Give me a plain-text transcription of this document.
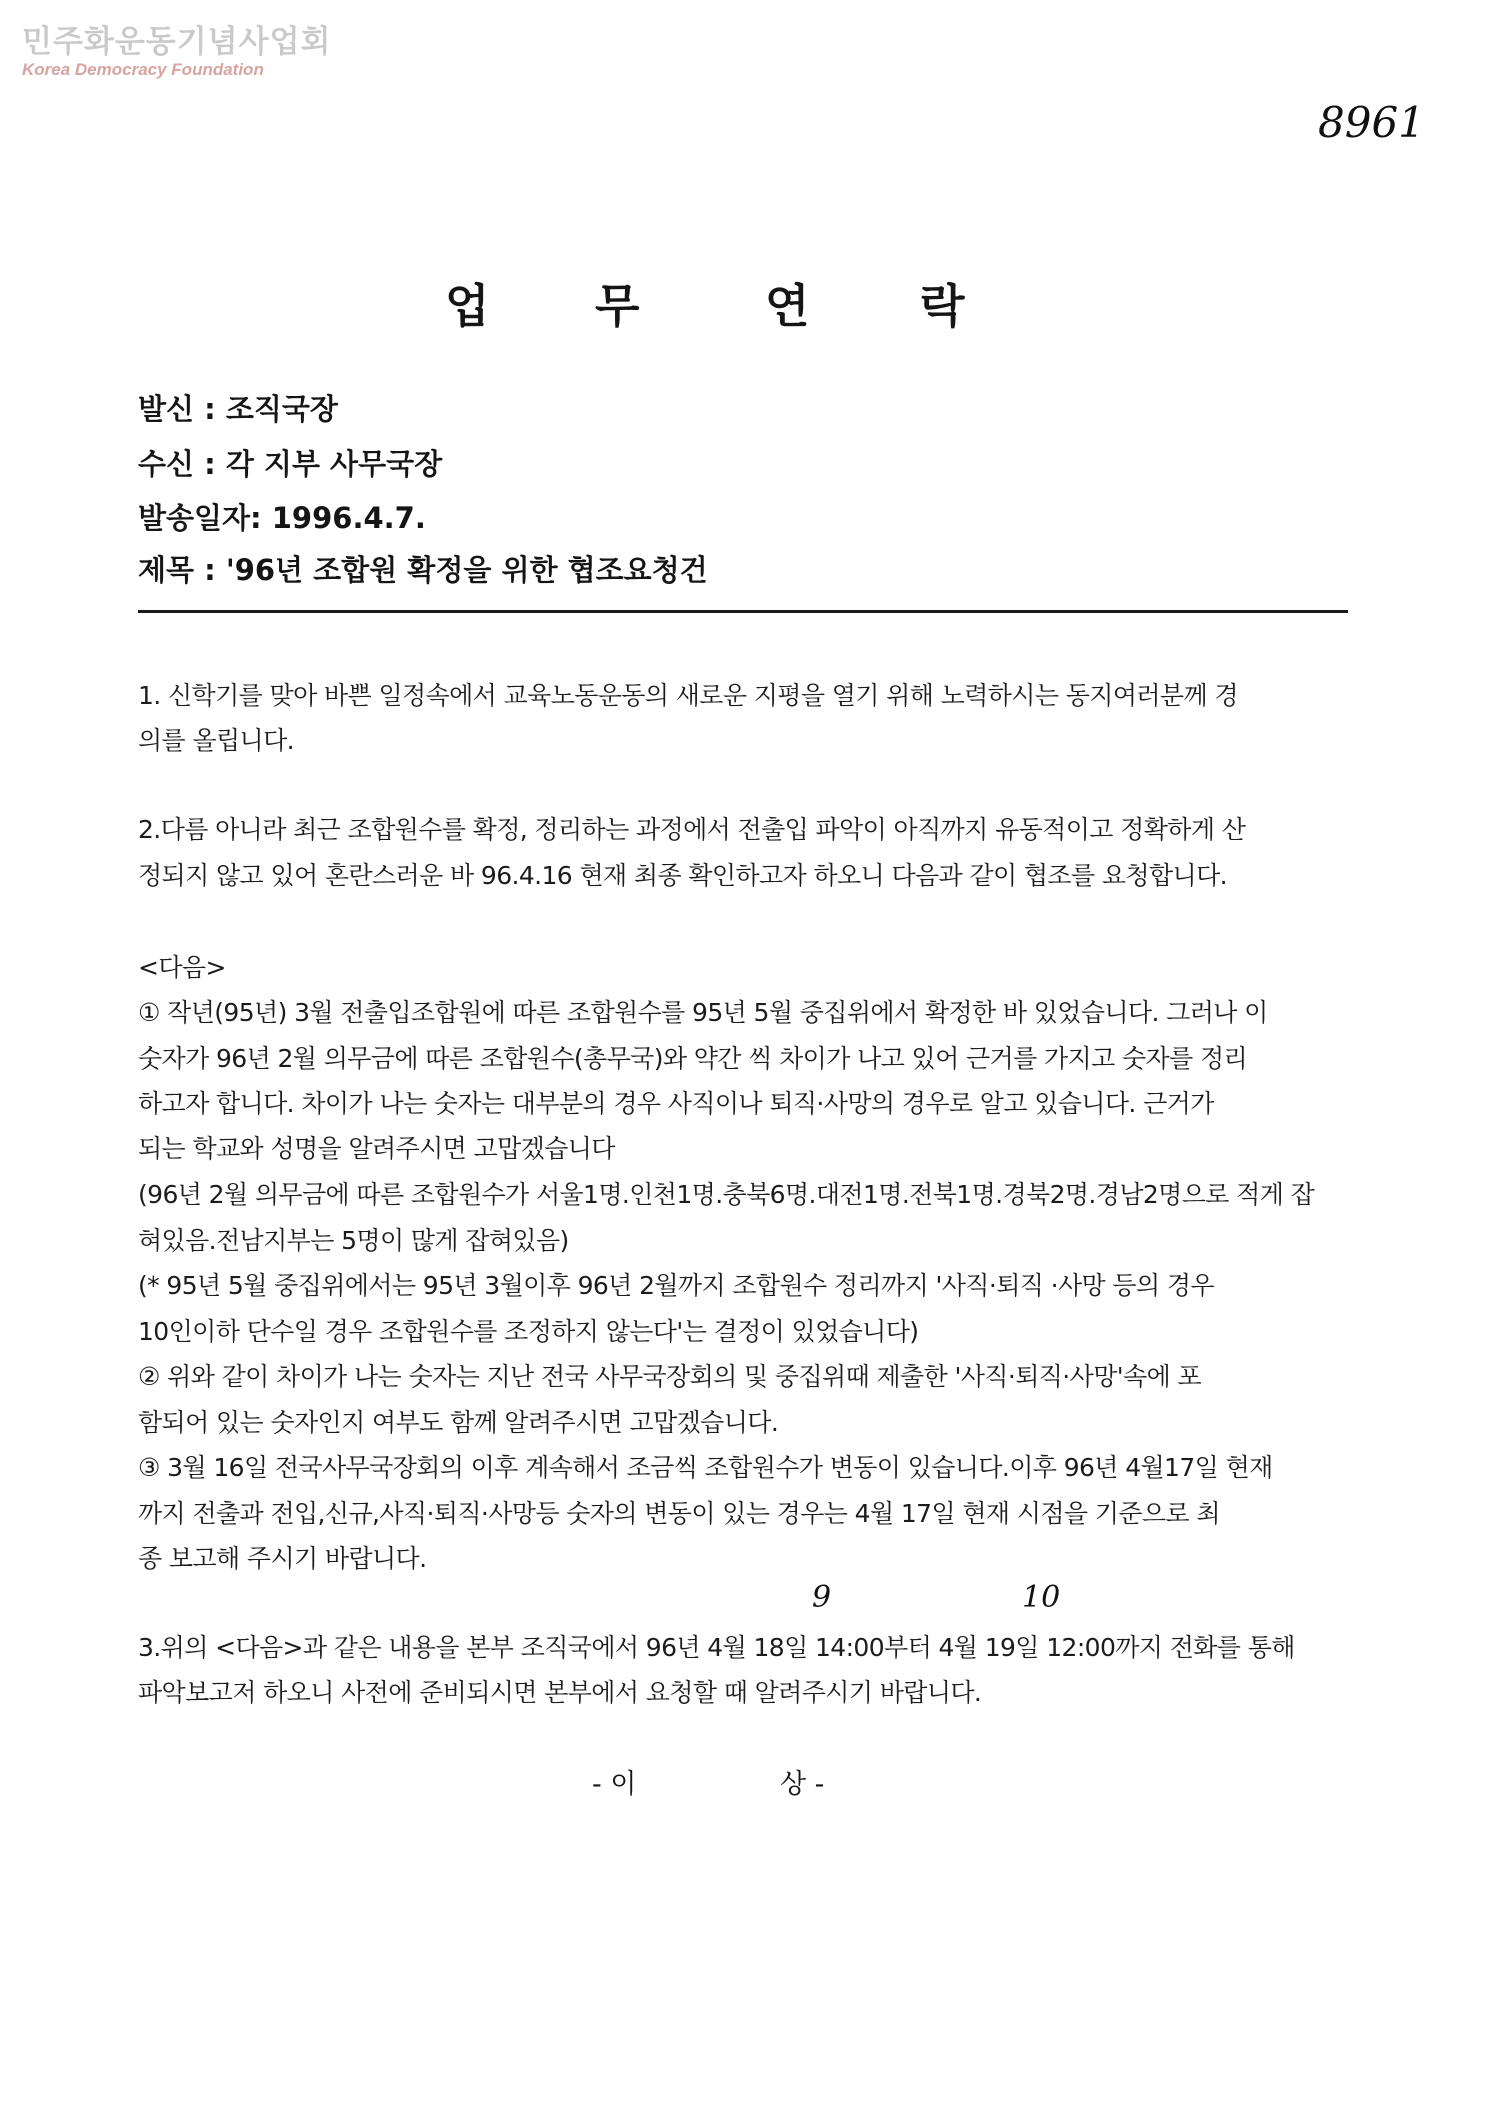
민주화운동기념사업회
Korea Democracy Foundation
8961
업 무	연 락
발신 : 조직국장
수신 : 각 지부 사무국장
발송일자: 1996.4.7.
제목 : '96년 조합원 확정을 위한 협조요청건
1. 신학기를 맞아 바쁜 일정속에서 교육노동운동의 새로운 지평을 열기 위해 노력하시는 동지여러분께 경
의를 올립니다.
2.다름 아니라 최근 조합원수를 확정, 정리하는 과정에서 전출입 파악이 아직까지 유동적이고 정확하게 산
정되지 않고 있어 혼란스러운 바 96.4.16 현재 최종 확인하고자 하오니 다음과 같이 협조를 요청합니다.
<다음>
① 작년(95년) 3월 전출입조합원에 따른 조합원수를 95년 5월 중집위에서 확정한 바 있었습니다. 그러나 이
숫자가 96년 2월 의무금에 따른 조합원수(총무국)와 약간 씩 차이가 나고 있어 근거를 가지고 숫자를 정리
하고자 합니다. 차이가 나는 숫자는 대부분의 경우 사직이나 퇴직·사망의 경우로 알고 있습니다. 근거가
되는 학교와 성명을 알려주시면 고맙겠습니다
(96년 2월 의무금에 따른 조합원수가 서울1명.인천1명.충북6명.대전1명.전북1명.경북2명.경남2명으로 적게 잡
혀있음.전남지부는 5명이 많게 잡혀있음)
(* 95년 5월 중집위에서는 95년 3월이후 96년 2월까지 조합원수 정리까지 '사직·퇴직 ·사망 등의 경우
10인이하 단수일 경우 조합원수를 조정하지 않는다'는 결정이 있었습니다)
② 위와 같이 차이가 나는 숫자는 지난 전국 사무국장회의 및 중집위때 제출한 '사직·퇴직·사망'속에 포
함되어 있는 숫자인지 여부도 함께 알려주시면 고맙겠습니다.
③ 3월 16일 전국사무국장회의 이후 계속해서 조금씩 조합원수가 변동이 있습니다.이후 96년 4월17일 현재
까지 전출과 전입,신규,사직·퇴직·사망등 숫자의 변동이 있는 경우는 4월 17일 현재 시점을 기준으로 최
종 보고해 주시기 바랍니다.
9	10
3.위의 <다음>과 같은 내용을 본부 조직국에서 96년 4월 18일 14:00부터 4월 19일 12:00까지 전화를 통해
파악보고저 하오니 사전에 준비되시면 본부에서 요청할 때 알려주시기 바랍니다.
- 이	상 -
